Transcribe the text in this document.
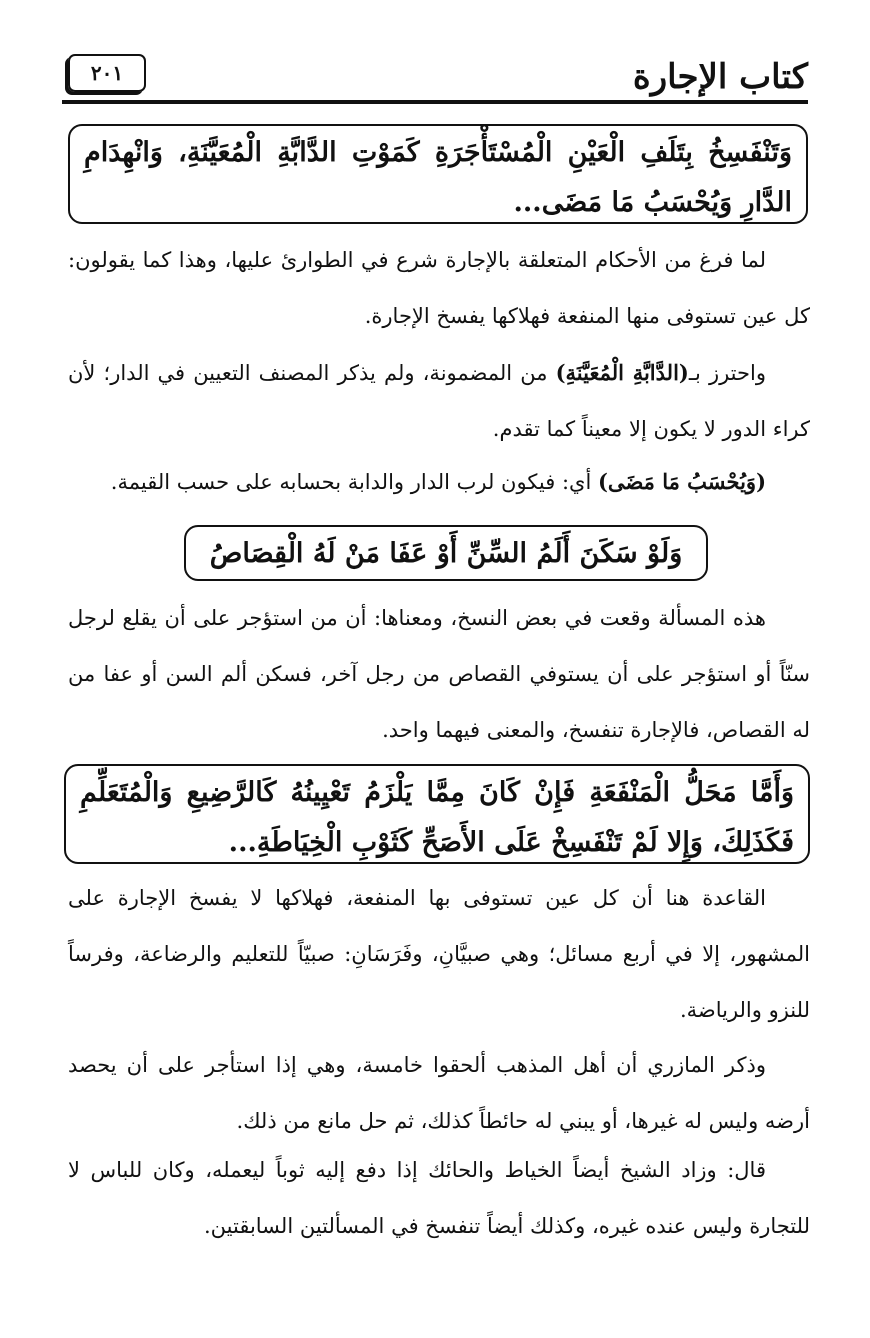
كتاب الإجارة
٢٠١
وَتَنْفَسِخُ بِتَلَفِ الْعَيْنِ الْمُسْتَأْجَرَةِ كَمَوْتِ الدَّابَّةِ الْمُعَيَّنَةِ، وَانْهِدَامِ الدَّارِ وَيُحْسَبُ مَا مَضَى...
لما فرغ من الأحكام المتعلقة بالإجارة شرع في الطوارئ عليها، وهذا كما يقولون: كل عين تستوفى منها المنفعة فهلاكها يفسخ الإجارة.
واحترز بـ(الدَّابَّةِ الْمُعَيَّنَةِ) من المضمونة، ولم يذكر المصنف التعيين في الدار؛ لأن كراء الدور لا يكون إلا معيناً كما تقدم.
(وَيُحْسَبُ مَا مَضَى) أي: فيكون لرب الدار والدابة بحسابه على حسب القيمة.
وَلَوْ سَكَنَ أَلَمُ السِّنِّ أَوْ عَفَا مَنْ لَهُ الْقِصَاصُ
هذه المسألة وقعت في بعض النسخ، ومعناها: أن من استؤجر على أن يقلع لرجل سنّاً أو استؤجر على أن يستوفي القصاص من رجل آخر، فسكن ألم السن أو عفا من له القصاص، فالإجارة تنفسخ، والمعنى فيهما واحد.
وَأَمَّا مَحَلُّ الْمَنْفَعَةِ فَإِنْ كَانَ مِمَّا يَلْزَمُ تَعْيِينُهُ كَالرَّضِيعِ وَالْمُتَعَلِّمِ فَكَذَلِكَ، وَإِلا لَمْ تَنْفَسِخْ عَلَى الأَصَحِّ كَثَوْبِ الْخِيَاطَةِ...
القاعدة هنا أن كل عين تستوفى بها المنفعة، فهلاكها لا يفسخ الإجارة على المشهور، إلا في أربع مسائل؛ وهي صبيَّانِ، وفَرَسَانِ: صبيّاً للتعليم والرضاعة، وفرساً للنزو والرياضة.
وذكر المازري أن أهل المذهب ألحقوا خامسة، وهي إذا استأجر على أن يحصد أرضه وليس له غيرها، أو يبني له حائطاً كذلك، ثم حل مانع من ذلك.
قال: وزاد الشيخ أيضاً الخياط والحائك إذا دفع إليه ثوباً ليعمله، وكان للباس لا للتجارة وليس عنده غيره، وكذلك أيضاً تنفسخ في المسألتين السابقتين.
